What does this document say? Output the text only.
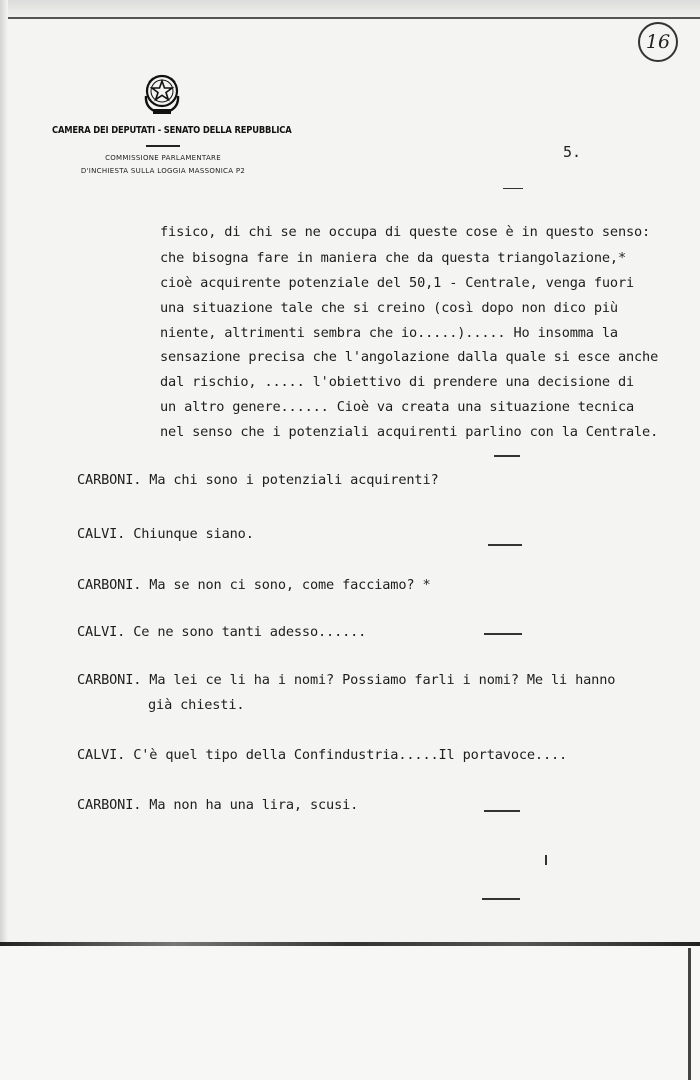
16
CAMERA DEI DEPUTATI - SENATO DELLA REPUBBLICA
COMMISSIONE PARLAMENTARE
D'INCHIESTA SULLA LOGGIA MASSONICA P2
5.
fisico, di chi se ne occupa di queste cose è in questo senso:
che bisogna fare in maniera che da questa triangolazione,*
cioè acquirente potenziale del 50,1 - Centrale, venga fuori
una situazione tale che si creino (così dopo non dico più
niente, altrimenti sembra che io.....)..... Ho insomma la
sensazione precisa che l'angolazione dalla quale si esce anche
dal rischio, ..... l'obiettivo di prendere una decisione di
un altro genere...... Cioè va creata una situazione tecnica
nel senso che i potenziali acquirenti parlino con la Centrale.
CARBONI. Ma chi sono i potenziali acquirenti?
CALVI. Chiunque siano.
CARBONI. Ma se non ci sono, come facciamo? *
CALVI. Ce ne sono tanti adesso......
CARBONI. Ma lei ce li ha i nomi? Possiamo farli i nomi? Me li hanno
già chiesti.
CALVI. C'è quel tipo della Confindustria.....Il portavoce....
CARBONI. Ma non ha una lira, scusi.
